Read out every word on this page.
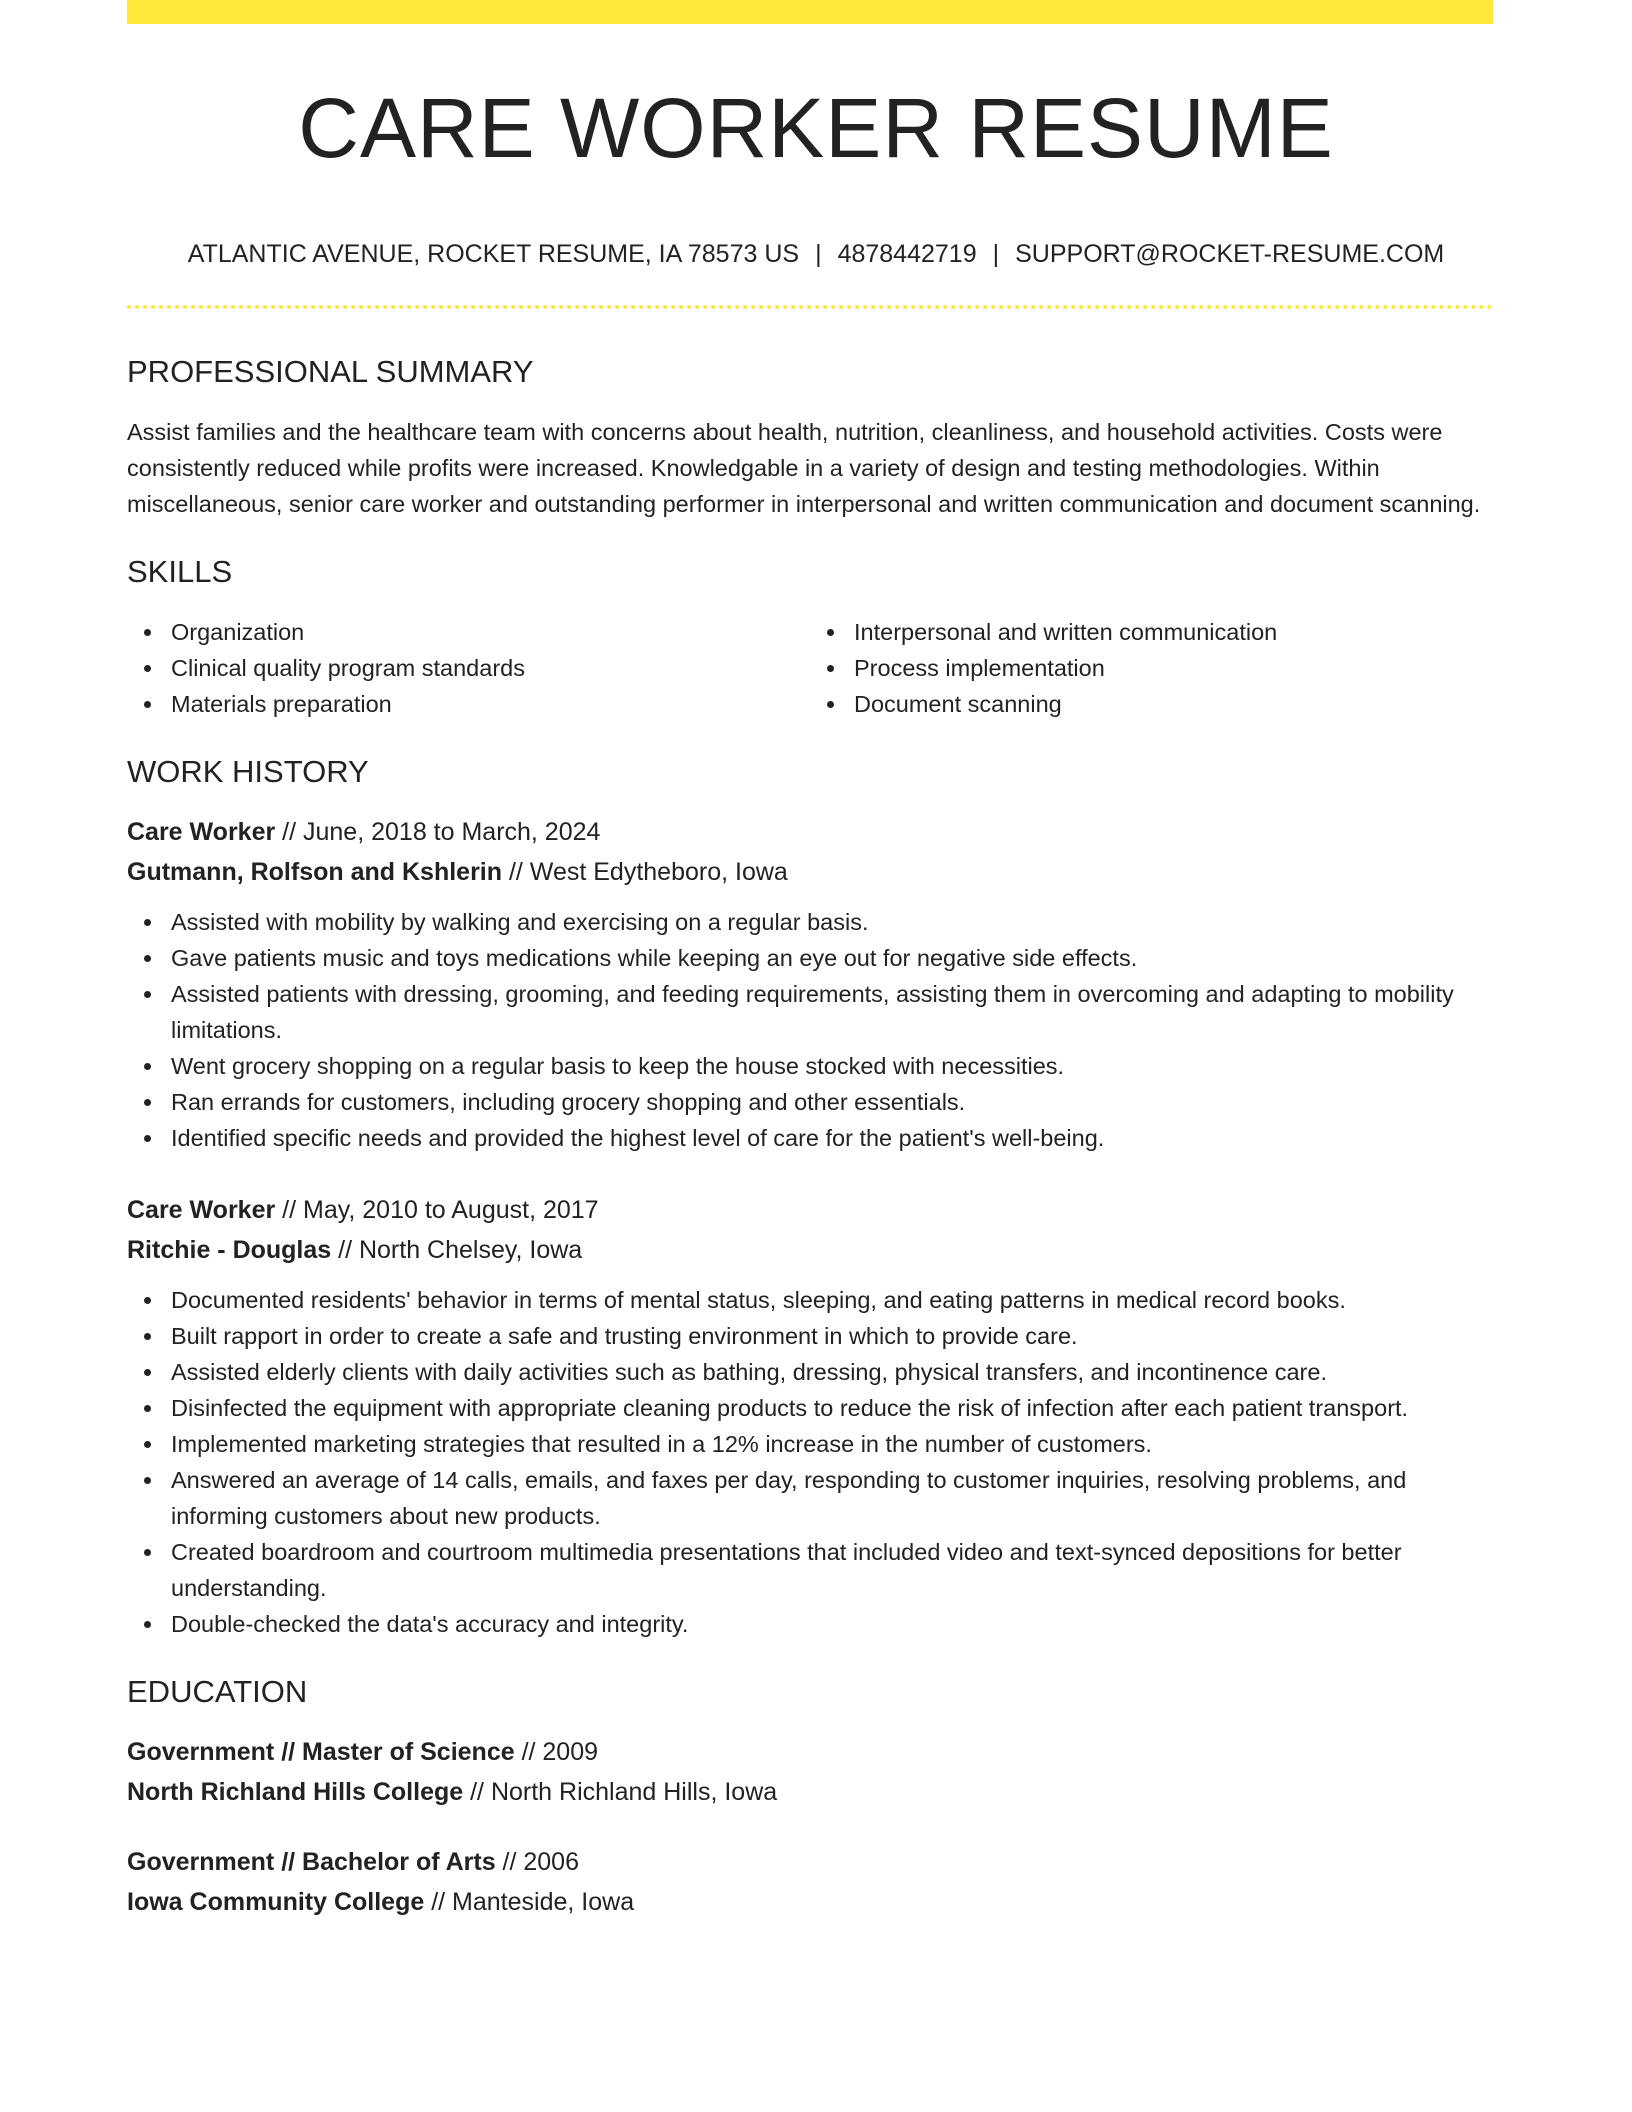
CARE WORKER RESUME
ATLANTIC AVENUE, ROCKET RESUME, IA 78573 US | 4878442719 | SUPPORT@ROCKET-RESUME.COM
PROFESSIONAL SUMMARY

Assist families and the healthcare team with concerns about health, nutrition, cleanliness, and household activities. Costs were consistently reduced while profits were increased. Knowledgable in a variety of design and testing methodologies. Within miscellaneous, senior care worker and outstanding performer in interpersonal and written communication and document scanning.

SKILLS
Organization
Clinical quality program standards
Materials preparation
Interpersonal and written communication
Process implementation
Document scanning
WORK HISTORY
Care Worker // June, 2018 to March, 2024
Gutmann, Rolfson and Kshlerin // West Edytheboro, Iowa
Assisted with mobility by walking and exercising on a regular basis.
Gave patients music and toys medications while keeping an eye out for negative side effects.
Assisted patients with dressing, grooming, and feeding requirements, assisting them in overcoming and adapting to mobility limitations.
Went grocery shopping on a regular basis to keep the house stocked with necessities.
Ran errands for customers, including grocery shopping and other essentials.
Identified specific needs and provided the highest level of care for the patient's well-being.
Care Worker // May, 2010 to August, 2017
Ritchie - Douglas // North Chelsey, Iowa
Documented residents' behavior in terms of mental status, sleeping, and eating patterns in medical record books.
Built rapport in order to create a safe and trusting environment in which to provide care.
Assisted elderly clients with daily activities such as bathing, dressing, physical transfers, and incontinence care.
Disinfected the equipment with appropriate cleaning products to reduce the risk of infection after each patient transport.
Implemented marketing strategies that resulted in a 12% increase in the number of customers.
Answered an average of 14 calls, emails, and faxes per day, responding to customer inquiries, resolving problems, and informing customers about new products.
Created boardroom and courtroom multimedia presentations that included video and text-synced depositions for better understanding.
Double-checked the data's accuracy and integrity.
EDUCATION
Government // Master of Science // 2009
North Richland Hills College // North Richland Hills, Iowa
Government // Bachelor of Arts // 2006
Iowa Community College // Manteside, Iowa
